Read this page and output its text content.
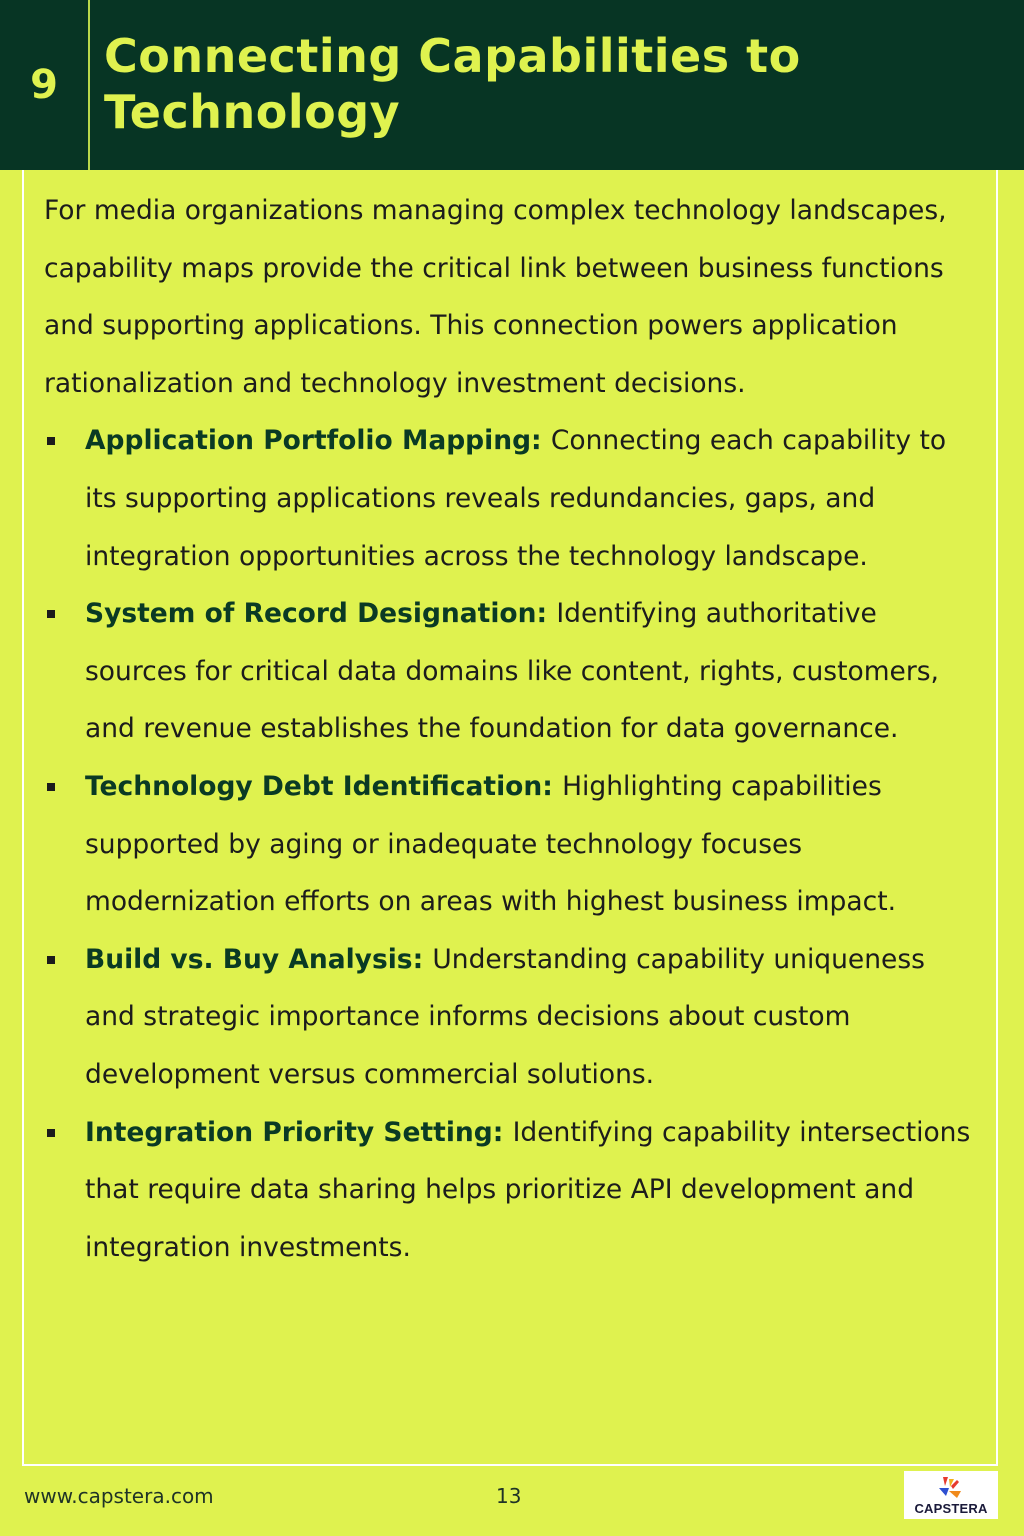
9
Connecting Capabilities to Technology

For media organizations managing complex technology landscapes, capability maps provide the critical link between business functions and supporting applications. This connection powers application rationalization and technology investment decisions.

Application Portfolio Mapping: Connecting each capability to its supporting applications reveals redundancies, gaps, and integration opportunities across the technology landscape.
System of Record Designation: Identifying authoritative sources for critical data domains like content, rights, customers, and revenue establishes the foundation for data governance.
Technology Debt Identification: Highlighting capabilities supported by aging or inadequate technology focuses modernization efforts on areas with highest business impact.
Build vs. Buy Analysis: Understanding capability uniqueness and strategic importance informs decisions about custom development versus commercial solutions.
Integration Priority Setting: Identifying capability intersections that require data sharing helps prioritize API development and integration investments.
www.capstera.com	13
CAPSTERA
